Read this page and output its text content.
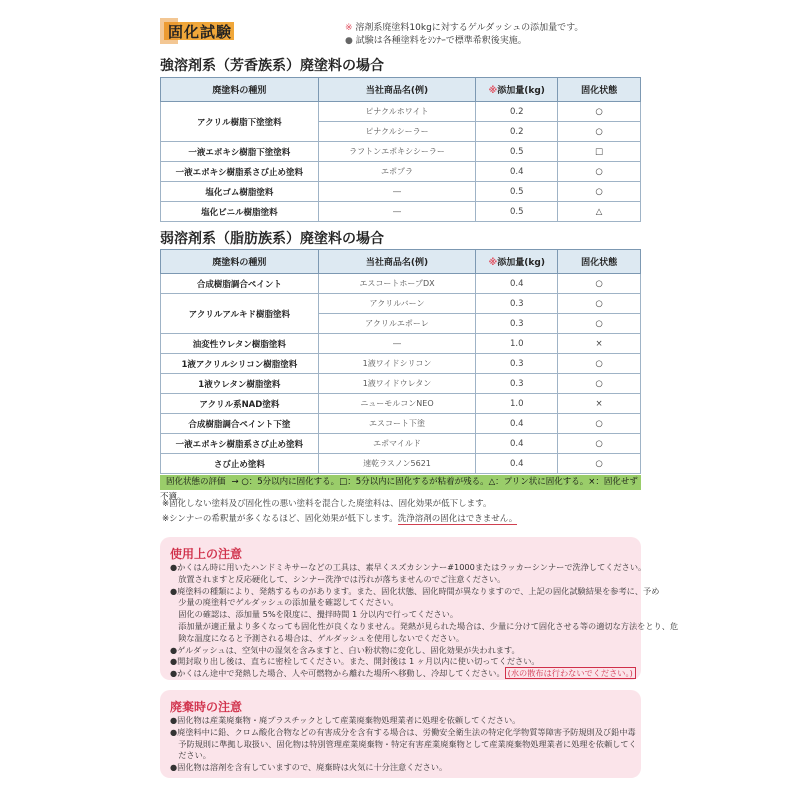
固化試験	※ 溶剤系廃塗料10kgに対するゲルダッシュの添加量です。
● 試験は各種塗料をｼﾝﾅｰで標準希釈後実施。
強溶剤系（芳香族系）廃塗料の場合
廃塗料の種別	当社商品名(例)	※添加量(kg)	固化状態
アクリル樹脂下塗塗料	ピナクルホワイト	0.2	○
	ピナクルシーラー	0.2	○
一液エポキシ樹脂下塗塗料	ラフトンエポキシシーラー	0.5	□
一液エポキシ樹脂系さび止め塗料	エポプラ	0.4	○
塩化ゴム樹脂塗料	―	0.5	○
塩化ビニル樹脂塗料	―	0.5	△
弱溶剤系（脂肪族系）廃塗料の場合
廃塗料の種別	当社商品名(例)	※添加量(kg)	固化状態
合成樹脂調合ペイント	エスコートホープDX	0.4	○
アクリルアルキド樹脂塗料	アクリルバーン	0.3	○
	アクリルエポーレ	0.3	○
油変性ウレタン樹脂塗料	―	1.0	×
1液アクリルシリコン樹脂塗料	1液ワイドシリコン	0.3	○
1液ウレタン樹脂塗料	1液ワイドウレタン	0.3	○
アクリル系NAD塗料	ニューモルコンNEO	1.0	×
合成樹脂調合ペイント下塗	エスコート下塗	0.4	○
一液エポキシ樹脂系さび止め塗料	エポマイルド	0.4	○
さび止め塗料	速乾ラスノン5621	0.4	○
固化状態の評価 → ○：5分以内に固化する。□：5分以内に固化するが粘着が残る。△：プリン状に固化する。×：固化せず不適。
※固化しない塗料及び固化性の悪い塗料を混合した廃塗料は、固化効果が低下します。
※シンナーの希釈量が多くなるほど、固化効果が低下します。洗浄溶剤の固化はできません。
使用上の注意
●かくはん時に用いたハンドミキサーなどの工具は、素早くスズカシンナー#1000またはラッカーシンナーで洗浄してください。
　放置されますと反応硬化して、シンナー洗浄では汚れが落ちませんのでご注意ください。
●廃塗料の種類により、発熱するものがあります。また、固化状態、固化時間が異なりますので、上記の固化試験結果を参考に、予め
　少量の廃塗料でゲルダッシュの添加量を確認してください。
　固化の確認は、添加量 5%を限度に、攪拌時間 1 分以内で行ってください。
　添加量が適正量より多くなっても固化性が良くなりません。発熱が見られた場合は、少量に分けて固化させる等の適切な方法をとり、危
　険な温度になると予測される場合は、ゲルダッシュを使用しないでください。
●ゲルダッシュは、空気中の湿気を含みますと、白い粉状物に変化し、固化効果が失われます。
●開封取り出し後は、直ちに密栓してください。また、開封後は 1 ヶ月以内に使い切ってください。
●かくはん途中で発熱した場合、人や可燃物から離れた場所へ移動し、冷却してください。 (水の散布は行わないでください。)
廃棄時の注意
●固化物は産業廃棄物・廃プラスチックとして産業廃棄物処理業者に処理を依頼してください。
●廃塗料中に鉛、クロム酸化合物などの有害成分を含有する場合は、労働安全衛生法の特定化学物質等障害予防規則及び鉛中毒
　予防規則に準拠し取扱い、固化物は特別管理産業廃棄物・特定有害産業廃棄物として産業廃棄物処理業者に処理を依頼してく
　ださい。
●固化物は溶剤を含有していますので、廃棄時は火気に十分注意ください。
